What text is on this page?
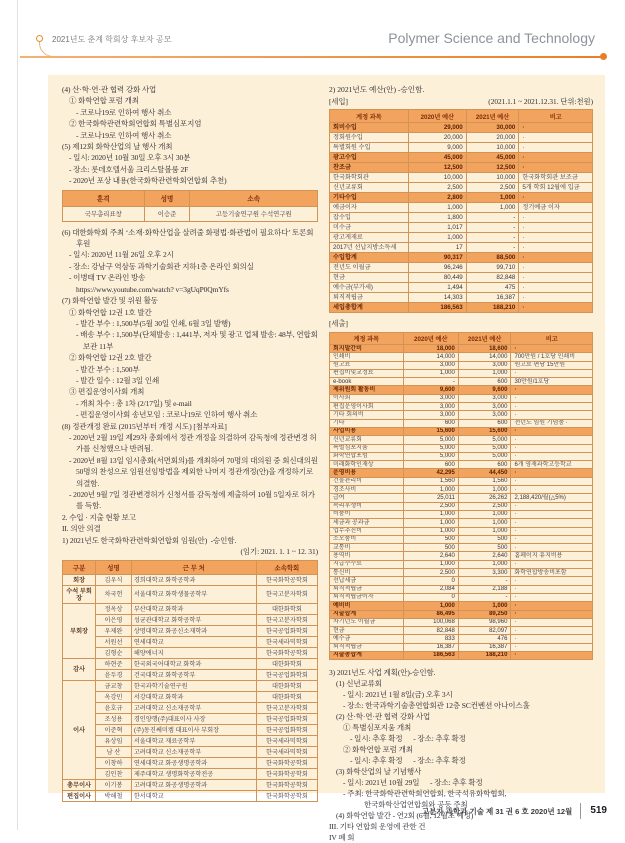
2021년도 춘계 학회상 후보자 공모	Polymer Science and Technology
(4) 산·학·연·관 협력 강화 사업
① 화학연합 포럼 개최
- 코로나19로 인하여 행사 취소
② 한국화학관련학회연합회 특별심포지엄
- 코로나19로 인하여 행사 취소
(5) 제12회 화학산업의 날 행사 개최
- 일시: 2020년 10월 30일 오후 3시 30분
- 장소: 롯데호텔서울 크리스탈볼룸 2F
- 2020년 포상 내용(한국화학관련학회연합회 추천)
훈격	성명	소속
국무총리표창	이승준	고등기술연구원 수석연구원
(6) 대한화학회 주최 ‘소재·화학산업을 살려줄 화평법·화관법이 필요하다’ 토론회 후원
- 일시: 2020년 11월 26일 오후 2시
- 장소: 강남구 역삼동 과학기술회관 지하1층 온라인 회의실
- 이병태 TV 온라인 방송
https://www.youtube.com/watch? v=3gUqP0QmYfs
(7) 화학연합 발간 및 위원 활동
① 화학연합 12권 1호 발간
- 발간 부수 : 1,500부(5월 30일 인쇄, 6월 3일 발행)
- 배송 부수 : 1,500부(단체발송 : 1,441부, 저자 및 광고 업체 발송: 48부, 연합회 보관 11부
② 화학연합 12권 2호 발간
- 발간 부수 : 1,500부
- 발간 일수 : 12월 3일 인쇄
③ 편집운영이사회 개최
- 개최 차수 : 총 1차 (2/17일) 및 e-mail
- 편집운영이사회 송년모임 : 코로나19로 인하여 행사 취소
(8) 정관개정 완료 (2015년부터 개정 시도) [첨부자료]
- 2020년 2월 19일 제29차 총회에서 정관 개정을 의결하여 감독청에 정관변경 허가를 신청했으나 반려됨.
- 2020년 8월 13일 임시총회(서면회의)를 개최하여 70명의 대의원 중 회신대의원 50명의 찬성으로 임원선임방법을 제외한 나머지 정관개정(안)을 개정하기로 의결함.
- 2020년 9월 7일 정관변경허가 신청서를 감독청에 제출하여 10월 5일자로 허가를 득함.
2. 수입 · 지출 현황 보고
II. 의안 의결
1) 2021년도 한국화학관련학회연합회 임원(안)  -승인함.
(임기: 2021. 1. 1 ~ 12. 31)
구분	성명	근 무 처	소속학회
회장	김우식	경희대학교 화학공학과	한국화학공학회
수석 부회장	차국헌	서울대학교 화학생물공학부	한국고분자학회
부회장	정옥상	부산대학교 화학과	대한화학회
	이은영	성균관대학교 화학공학부	한국고분자학회
	우제완	상명대학교 화공신소재학과	한국공업화학회
	서원선	연세대학교	한국세라믹학회
	김형순	해양에너지	한국화학공학회
감사	하현준	한국외국어대학교 화학과	대한화학회
	윤두경	건국대학교 화학공학부	한국공업화학회
이사	금교창	한국과학기술연구원	대한화학회
	옥강민	서강대학교 화학과	대한화학회
	윤호규	고려대학교 신소재공학부	한국고분자학회
	조성용	경인양행(주)대표이사 사장	한국공업화학회
	이준혁	(주)동진쎄미켐 대표이사 부회장	한국공업화학회
	유상임	서울대학교 재료공학부	한국세라믹학회
	남 산	고려대학교 신소재공학부	한국세라믹학회
	이창하	연세대학교 화공생명공학과	한국화학공학회
	김인찬	제주대학교 생명화학공학전공	한국화학공학회
총무이사	이기봉	고려대학교 화공생명공학과	한국화학공학회
편집이사	박해철	한서대학교	한국화학공학회
2) 2021년도 예산(안) -승인함.
[세입]	(2021.1.1 ~ 2021.12.31. 단위:천원)
계정 과목	2020년 예산	2021년 예산	비고
회비수입	29,000	30,000	·
정회원수입	20,000	20,000	·
특별회원 수입	9,000	10,000	·
광고수입	45,000	45,000	·
찬조금	12,500	12,500	·
한국화학회관	10,000	10,000	한국화학회관 보조금
신년교류회	2,500	2,500	5개 학회 12월에 입금
기타수입	2,800	1,000	·
예금이자	1,000	1,000	정기예금 이자
잡수입	1,800	-	·
미수금	1,017	-	·
광고게재료	1,000	-	·
2017년 선납지방소득세	17	-	·
수입합계	90,317	88,500	·
전년도 이월금	96,246	99,710	·
현금	80,449	82,848	·
예수금(부가세)	1,494	475	·
퇴직적립금	14,303	16,387	·
세입총합계	186,563	188,210	·
[세출]
계정 과목	2020년 예산	2021년 예산	비고
회지발간비	18,000	18,600	·
인쇄비	14,000	14,000	700만원 / 1호당 인쇄비
원고료	3,000	3,000	원고료 편당 15만원
편집비및교정료	1,000	1,000	·
e-book	-	600	30만원/1호당
제위원회 활동비	9,600	9,600	·
이사회	3,000	3,000	·
편집운영이사회	3,000	3,000	·
기타 회의비	3,000	3,000	·
기타	600	600	전년도 임원 기념품 ·
사업비용	15,600	15,600	·
신년교류회	5,000	5,000	·
특별심포지움	5,000	5,000	·
화학연합포럼	5,000	5,000	·
미래화학인재상	600	600	6개 영재과학고등학교
운영비용	42,295	44,450	·
건물관리비	1,560	1,560	·
경조사비	1,000	1,000	·
급여	25,011	26,262	2,188,420/월(△5%)
복리후생비	2,500	2,500	·
비품비	1,000	1,000	·
세금과 공과금	1,000	1,000	·
업무추진비	1,000	1,000	·
소모품비	500	500	·
교통비	500	500	·
용역비	2,640	2,640	홈페이지 유지비용
지급수수료	1,000	1,000	·
통신비	2,500	3,300	화학연합방송비포함
선납세금	0	-	·
퇴직적립금	2,084	2,188	·
퇴직적립금이자	0	-	·
예비비	1,000	1,000	·
지출합계	86,495	89,250	·
차기년도 이월금	100,068	98,960	·
현금	82,848	82,097	·
예수금	833	476	·
퇴직적립금	16,387	16,387	·
지출총합계	186,563	188,210	·
3) 2021년도 사업 계획(안)-승인함.
(1) 신년교류회
- 일시: 2021년 1월 8일(금) 오후 3시
- 장소: 한국과학기술총연합회관 12층 SC컨벤션 아나이스홀
(2) 산·학·연·관 협력 강화 사업
① 특별심포지움 개최
- 일시: 추후 확정      - 장소: 추후 확정
② 화학연합 포럼 개최
- 일시: 추후 확정      - 장소: 추후 확정
(3) 화학산업의 날 기념행사
- 일시: 2021년 10월 29일      - 장소: 추후 확정
- 주최: 한국화학관련학회연합회, 한국석유화학협회,
한국화학산업연합회와 공동 주최
(4) 화학연합 발간 - 연2회 (6월, 12월초 예정)
III. 기타 연합회 운영에 관한 건
IV 폐 회
고분자 과학과 기술 제 31 권 6 호 2020년 12월	519
